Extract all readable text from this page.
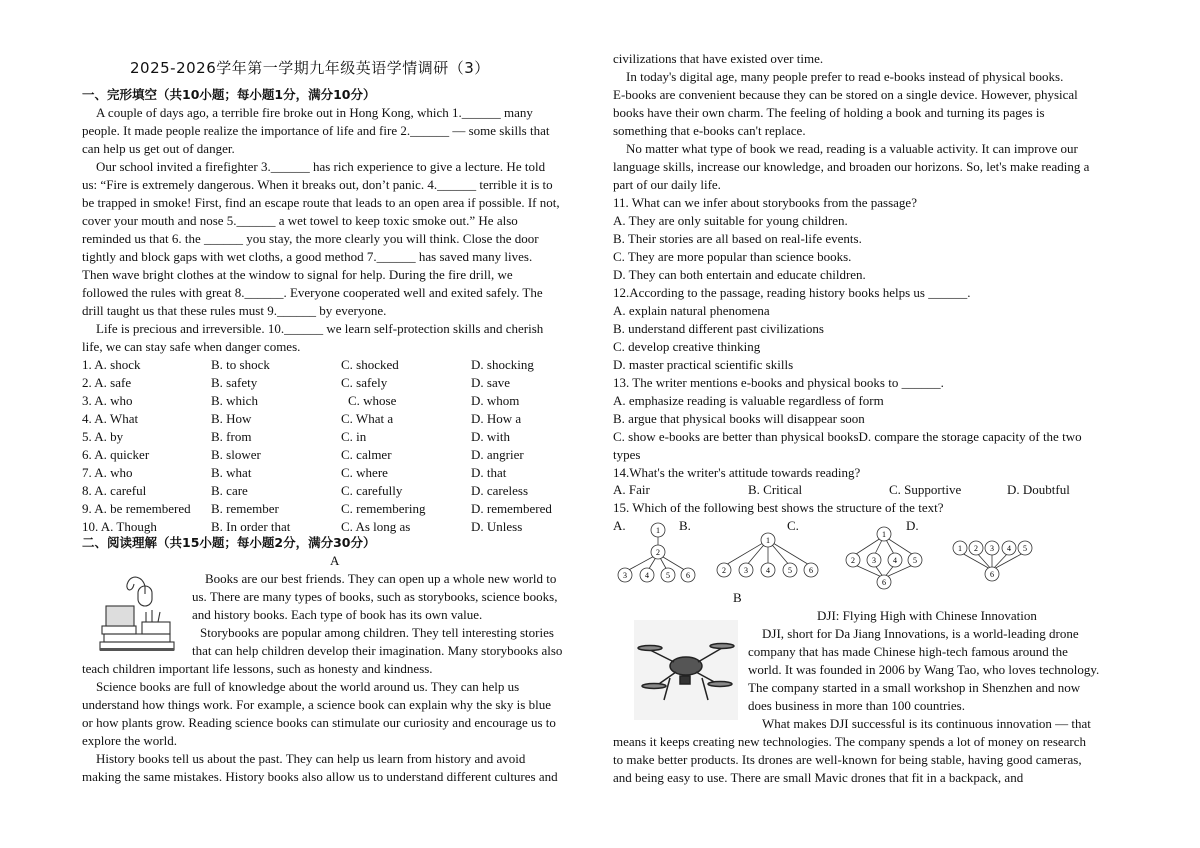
2025-2026学年第一学期九年级英语学情调研（3）
一、完形填空（共10小题；每小题1分，满分10分）
A couple of days ago, a terrible fire broke out in Hong Kong, which 1.______ many
people. It made people realize the importance of life and fire 2.______ — some skills that
can help us get out of danger.
Our school invited a firefighter 3.______ has rich experience to give a lecture. He told
us: “Fire is extremely dangerous. When it breaks out, don’t panic. 4.______ terrible it is to
be trapped in smoke! First, find an escape route that leads to an open area if possible. If not,
cover your mouth and nose 5.______ a wet towel to keep toxic smoke out.” He also
reminded us that 6. the ______ you stay, the more clearly you will think. Close the door
tightly and block gaps with wet cloths, a good method 7.______ has saved many lives.
Then wave bright clothes at the window to signal for help. During the fire drill, we
followed the rules with great 8.______. Everyone cooperated well and exited safely. The
drill taught us that these rules must 9.______ by everyone.
Life is precious and irreversible. 10.______ we learn self-protection skills and cherish
life, we can stay safe when danger comes.
1. A. shock	B. to shock	C. shocked	D. shocking
2. A. safe	B. safety	C. safely	D. save
3. A. who	B. which	C. whose	D. whom
4. A. What	B. How	C. What a	D. How a
5. A. by	B. from	C. in	D. with
6. A. quicker	B. slower	C. calmer	D. angrier
7. A. who	B. what	C. where	D. that
8. A. careful	B. care	C. carefully	D. careless
9. A. be remembered B. remember	C. remembering	D. remembered
10. A. Though	B. In order that	C. As long as	D. Unless
二、阅读理解（共15小题；每小题2分，满分30分）
A
Books are our best friends. They can open up a whole new world to
us. There are many types of books, such as storybooks, science books,
and history books. Each type of book has its own value.
Storybooks are popular among children. They tell interesting stories
that can help children develop their imagination. Many storybooks also
teach children important life lessons, such as honesty and kindness.
Science books are full of knowledge about the world around us. They can help us
understand how things work. For example, a science book can explain why the sky is blue
or how plants grow. Reading science books can stimulate our curiosity and encourage us to
explore the world.
History books tell us about the past. They can help us learn from history and avoid
making the same mistakes. History books also allow us to understand different cultures and
civilizations that have existed over time.
In today's digital age, many people prefer to read e-books instead of physical books.
E-books are convenient because they can be stored on a single device. However, physical
books have their own charm. The feeling of holding a book and turning its pages is
something that e-books can't replace.
No matter what type of book we read, reading is a valuable activity. It can improve our
language skills, increase our knowledge, and broaden our horizons. So, let's make reading a
part of our daily life.
11. What can we infer about storybooks from the passage?
A. They are only suitable for young children.
B. Their stories are all based on real-life events.
C. They are more popular than science books.
D. They can both entertain and educate children.
12.According to the passage, reading history books helps us ______.
A. explain natural phenomena
B. understand different past civilizations
C. develop creative thinking
D. master practical scientific skills
13. The writer mentions e-books and physical books to ______.
A. emphasize reading is valuable regardless of form
B. argue that physical books will disappear soon
C. show e-books are better than physical booksD. compare the storage capacity of the two
types
14.What's the writer's attitude towards reading?
A. Fair	B. Critical	C. Supportive	D. Doubtful
15. Which of the following best shows the structure of the text?
A.	B.	C.	D.
1
2
3 4 5 6
1
2 3 4 5 6
1
2 3 4 5
6
1 2 3 4 5
6
B
DJI: Flying High with Chinese Innovation
DJI, short for Da Jiang Innovations, is a world-leading drone
company that has made Chinese high-tech famous around the
world. It was founded in 2006 by Wang Tao, who loves technology.
The company started in a small workshop in Shenzhen and now
does business in more than 100 countries.
What makes DJI successful is its continuous innovation — that
means it keeps creating new technologies. The company spends a lot of money on research
to make better products. Its drones are well-known for being stable, having good cameras,
and being easy to use. There are small Mavic drones that fit in a backpack, and
